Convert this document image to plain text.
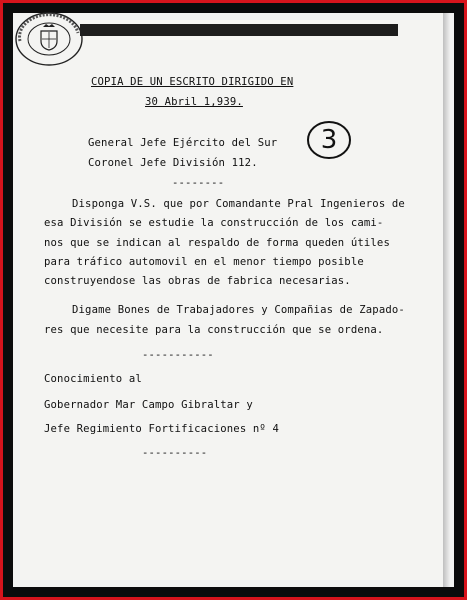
COPIA DE UN ESCRITO DIRIGIDO EN
30 Abril 1,939.
General Jefe Ejército del Sur
Coronel Jefe División 112.
3
--------
Disponga V.S. que por Comandante Pral Ingenieros de
esa División se estudie la construcción de los cami-
nos que se indican al respaldo de forma queden útiles
para tráfico automovil en el menor tiempo posible
construyendose las obras de fabrica necesarias.
Digame Bones de Trabajadores y Compañias de Zapado-
res que necesite para la construcción que se ordena.
-----------
Conocimiento al
Gobernador Mar Campo Gibraltar y
Jefe Regimiento Fortificaciones nº 4
----------
